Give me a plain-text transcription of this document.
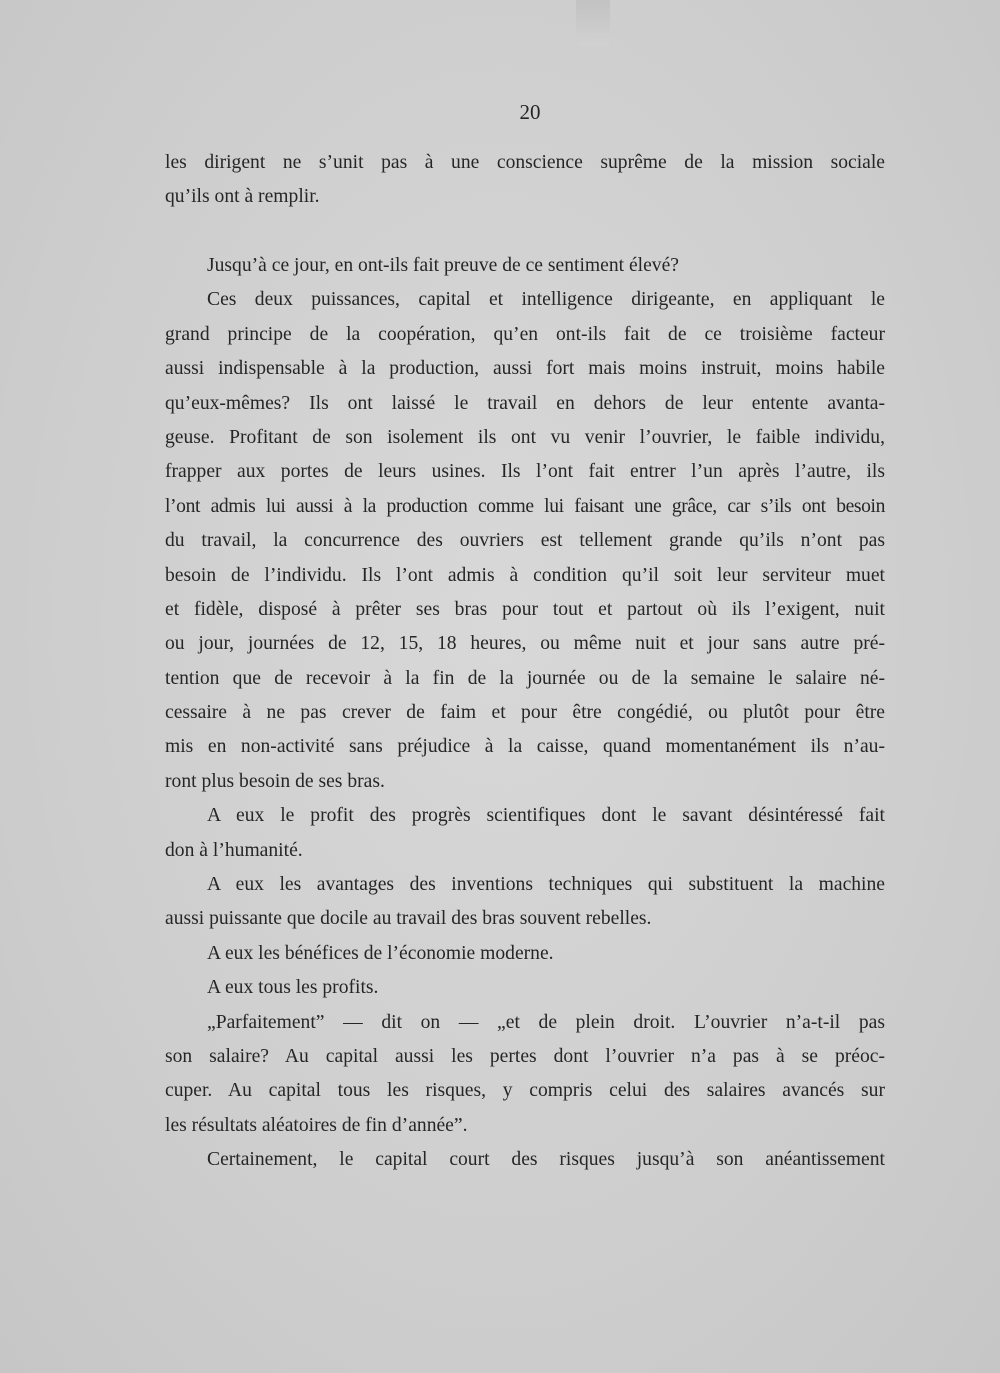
20
les dirigent ne s’unit pas à une conscience suprême de la mission sociale
qu’ils ont à remplir.
Jusqu’à ce jour, en ont-ils fait preuve de ce sentiment élevé?
Ces deux puissances, capital et intelligence dirigeante, en appliquant le
grand principe de la coopération, qu’en ont-ils fait de ce troisième facteur
aussi indispensable à la production, aussi fort mais moins instruit, moins habile
qu’eux-mêmes? Ils ont laissé le travail en dehors de leur entente avanta-
geuse. Profitant de son isolement ils ont vu venir l’ouvrier, le faible individu,
frapper aux portes de leurs usines. Ils l’ont fait entrer l’un après l’autre, ils
l’ont admis lui aussi à la production comme lui faisant une grâce, car s’ils ont besoin
du travail, la concurrence des ouvriers est tellement grande qu’ils n’ont pas
besoin de l’individu. Ils l’ont admis à condition qu’il soit leur serviteur muet
et fidèle, disposé à prêter ses bras pour tout et partout où ils l’exigent, nuit
ou jour, journées de 12, 15, 18 heures, ou même nuit et jour sans autre pré-
tention que de recevoir à la fin de la journée ou de la semaine le salaire né-
cessaire à ne pas crever de faim et pour être congédié, ou plutôt pour être
mis en non-activité sans préjudice à la caisse, quand momentanément ils n’au-
ront plus besoin de ses bras.
A eux le profit des progrès scientifiques dont le savant désintéressé fait
don à l’humanité.
A eux les avantages des inventions techniques qui substituent la machine
aussi puissante que docile au travail des bras souvent rebelles.
A eux les bénéfices de l’économie moderne.
A eux tous les profits.
„Parfaitement” — dit on — „et de plein droit. L’ouvrier n’a-t-il pas
son salaire? Au capital aussi les pertes dont l’ouvrier n’a pas à se préoc-
cuper. Au capital tous les risques, y compris celui des salaires avancés sur
les résultats aléatoires de fin d’année”.
Certainement, le capital court des risques jusqu’à son anéantissement
